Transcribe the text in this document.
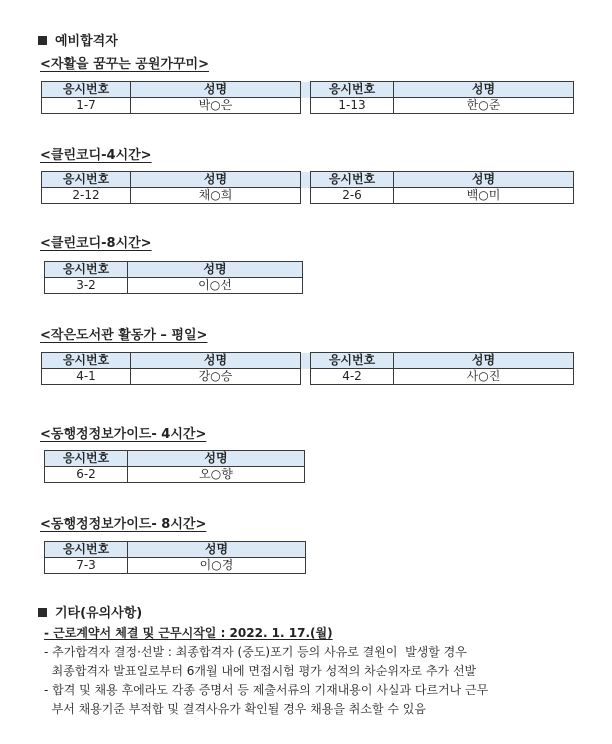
예비합격자
<자활을 꿈꾸는 공원가꾸미>
응시번호	성명		응시번호	성명
1-7	박○은		1-13	한○준
<클린코디-4시간>
응시번호	성명		응시번호	성명
2-12	채○희		2-6	백○미
<클린코디-8시간>
응시번호	성명
3-2	이○선
<작은도서관 활동가 – 평일>
응시번호	성명		응시번호	성명
4-1	강○승		4-2	사○진
<동행정정보가이드- 4시간>
응시번호	성명
6-2	오○향
<동행정정보가이드- 8시간>
응시번호	성명
7-3	이○경
기타(유의사항)
- 근로계약서 체결 및 근무시작일 : 2022. 1. 17.(월)
- 추가합격자 결정·선발 : 최종합격자 (중도)포기 등의 사유로 결원이  발생할 경우
최종합격자 발표일로부터 6개월 내에 면접시험 평가 성적의 차순위자로 추가 선발
- 합격 및 채용 후에라도 각종 증명서 등 제출서류의 기재내용이 사실과 다르거나 근무
부서 채용기준 부적합 및 결격사유가 확인될 경우 채용을 취소할 수 있음
